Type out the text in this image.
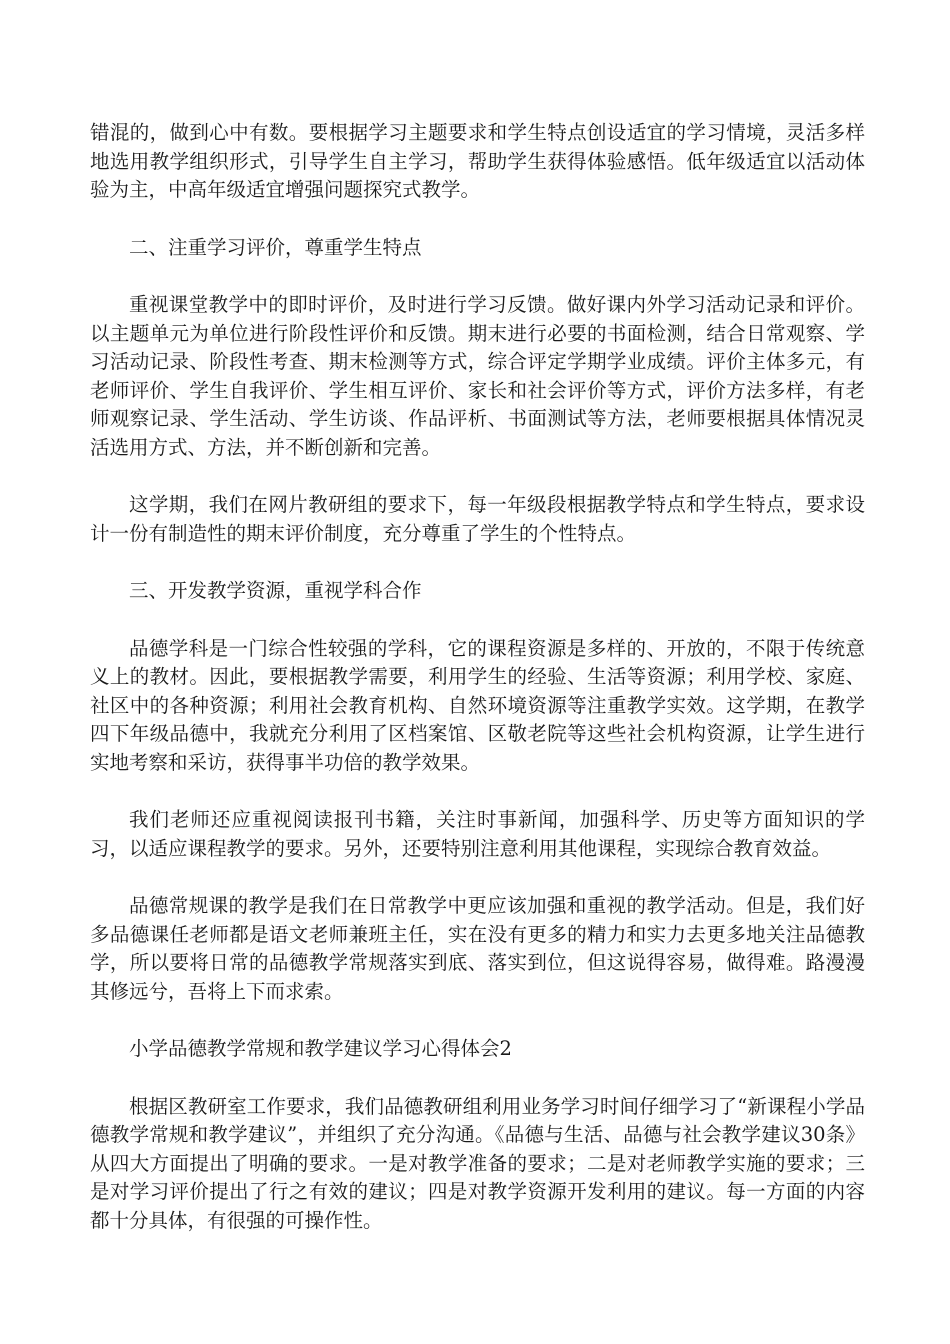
错混的，做到心中有数。要根据学习主题要求和学生特点创设适宜的学习情境，灵活多样地选用教学组织形式，引导学生自主学习，帮助学生获得体验感悟。低年级适宜以活动体验为主，中高年级适宜增强问题探究式教学。

二、注重学习评价，尊重学生特点

重视课堂教学中的即时评价，及时进行学习反馈。做好课内外学习活动记录和评价。以主题单元为单位进行阶段性评价和反馈。期末进行必要的书面检测，结合日常观察、学习活动记录、阶段性考查、期末检测等方式，综合评定学期学业成绩。评价主体多元，有老师评价、学生自我评价、学生相互评价、家长和社会评价等方式，评价方法多样，有老师观察记录、学生活动、学生访谈、作品评析、书面测试等方法，老师要根据具体情况灵活选用方式、方法，并不断创新和完善。

这学期，我们在网片教研组的要求下，每一年级段根据教学特点和学生特点，要求设计一份有制造性的期末评价制度，充分尊重了学生的个性特点。

三、开发教学资源，重视学科合作

品德学科是一门综合性较强的学科，它的课程资源是多样的、开放的，不限于传统意义上的教材。因此，要根据教学需要，利用学生的经验、生活等资源；利用学校、家庭、社区中的各种资源；利用社会教育机构、自然环境资源等注重教学实效。这学期，在教学四下年级品德中，我就充分利用了区档案馆、区敬老院等这些社会机构资源，让学生进行实地考察和采访，获得事半功倍的教学效果。

我们老师还应重视阅读报刊书籍，关注时事新闻，加强科学、历史等方面知识的学习，以适应课程教学的要求。另外，还要特别注意利用其他课程，实现综合教育效益。

品德常规课的教学是我们在日常教学中更应该加强和重视的教学活动。但是，我们好多品德课任老师都是语文老师兼班主任，实在没有更多的精力和实力去更多地关注品德教学，所以要将日常的品德教学常规落实到底、落实到位，但这说得容易，做得难。路漫漫其修远兮，吾将上下而求索。

小学品德教学常规和教学建议学习心得体会2

根据区教研室工作要求，我们品德教研组利用业务学习时间仔细学习了“新课程小学品德教学常规和教学建议”，并组织了充分沟通。《品德与生活、品德与社会教学建议30条》从四大方面提出了明确的要求。一是对教学准备的要求；二是对老师教学实施的要求；三是对学习评价提出了行之有效的建议；四是对教学资源开发利用的建议。每一方面的内容都十分具体，有很强的可操作性。
